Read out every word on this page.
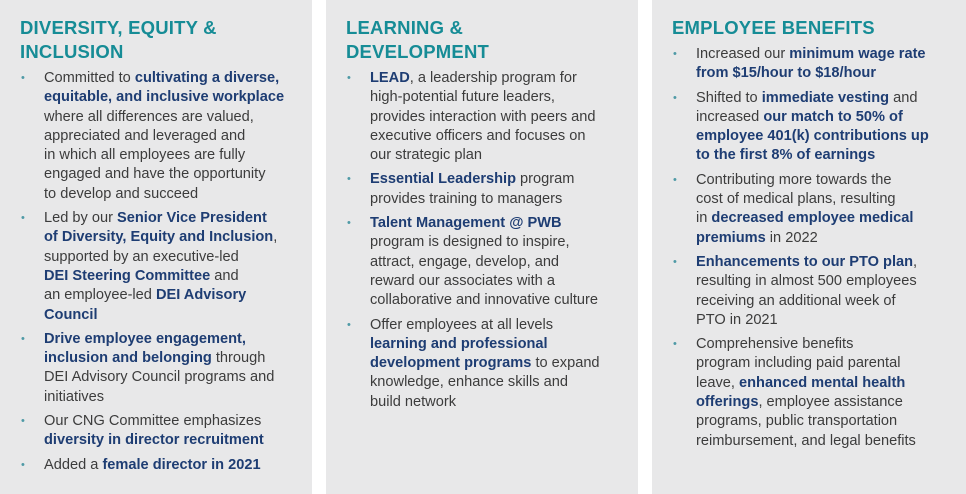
DIVERSITY, EQUITY &
INCLUSION
• Committed to cultivating a diverse,
equitable, and inclusive workplace
where all differences are valued,
appreciated and leveraged and
in which all employees are fully
engaged and have the opportunity
to develop and succeed
• Led by our Senior Vice President
of Diversity, Equity and Inclusion,
supported by an executive-led
DEI Steering Committee and
an employee-led DEI Advisory
Council
• Drive employee engagement,
inclusion and belonging through
DEI Advisory Council programs and
initiatives
• Our CNG Committee emphasizes
diversity in director recruitment
• Added a female director in 2021
LEARNING &
DEVELOPMENT
• LEAD, a leadership program for
high-potential future leaders,
provides interaction with peers and
executive officers and focuses on
our strategic plan
• Essential Leadership program
provides training to managers
• Talent Management @ PWB
program is designed to inspire,
attract, engage, develop, and
reward our associates with a
collaborative and innovative culture
• Offer employees at all levels
learning and professional
development programs to expand
knowledge, enhance skills and
build network
EMPLOYEE BENEFITS
• Increased our minimum wage rate
from $15/hour to $18/hour
• Shifted to immediate vesting and
increased our match to 50% of
employee 401(k) contributions up
to the first 8% of earnings
• Contributing more towards the
cost of medical plans, resulting
in decreased employee medical
premiums in 2022
• Enhancements to our PTO plan,
resulting in almost 500 employees
receiving an additional week of
PTO in 2021
• Comprehensive benefits
program including paid parental
leave, enhanced mental health
offerings, employee assistance
programs, public transportation
reimbursement, and legal benefits
